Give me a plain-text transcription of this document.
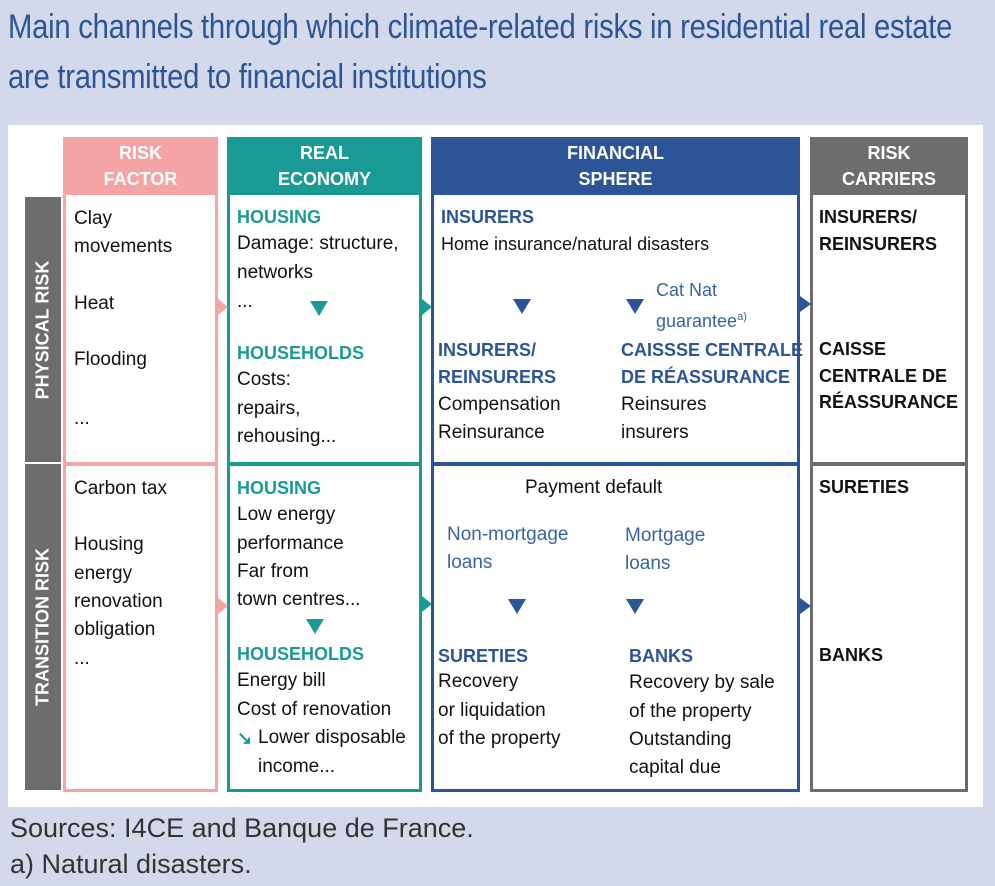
Main channels through which climate-related risks in residential real estate
are transmitted to financial institutions
RISK
FACTOR
REAL
ECONOMY
FINANCIAL
SPHERE
RISK
CARRIERS
PHYSICAL RISK
TRANSITION RISK
Clay
movements
Heat
Flooding
...
HOUSING
Damage: structure,
networks
...
HOUSEHOLDS
Costs:
repairs,
rehousing...
INSURERS
Home insurance/natural disasters
Cat Nat
guarantee$^{a)}$
INSURERS/
REINSURERS
Compensation
Reinsurance
CAISSSE CENTRALE
DE RÉASSURANCE
Reinsures
insurers
INSURERS/
REINSURERS
CAISSE
CENTRALE DE
RÉASSURANCE
Carbon tax
Housing
energy
renovation
obligation
...
HOUSING
Low energy
performance
Far from
town centres...
HOUSEHOLDS
Energy bill
Cost of renovation
↘ Lower disposable
income...
Payment default
Non-mortgage
loans
Mortgage
loans
SURETIES
Recovery
or liquidation
of the property
BANKS
Recovery by sale
of the property
Outstanding
capital due
SURETIES
BANKS
Sources: I4CE and Banque de France.
a) Natural disasters.
